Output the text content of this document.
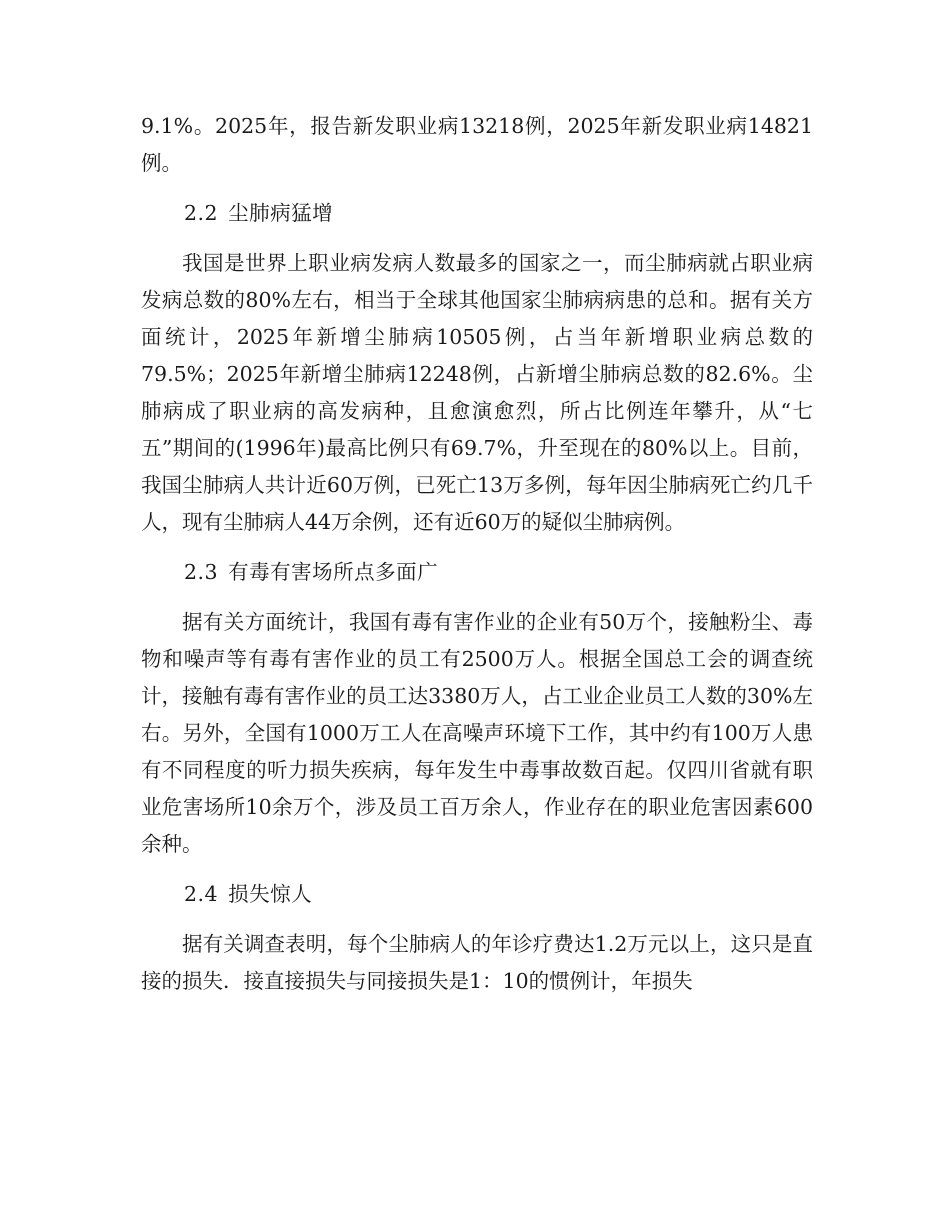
9.1%。2025年，报告新发职业病13218例，2025年新发职业病14821例。

2.2 尘肺病猛增

我国是世界上职业病发病人数最多的国家之一，而尘肺病就占职业病发病总数的80%左右，相当于全球其他国家尘肺病病患的总和。据有关方面统计，2025年新增尘肺病10505例，占当年新增职业病总数的79.5%；2025年新增尘肺病12248例，占新增尘肺病总数的82.6%。尘肺病成了职业病的高发病种，且愈演愈烈，所占比例连年攀升，从“七五”期间的(1996年)最高比例只有69.7%，升至现在的80%以上。目前，我国尘肺病人共计近60万例，已死亡13万多例，每年因尘肺病死亡约几千人，现有尘肺病人44万余例，还有近60万的疑似尘肺病例。

2.3 有毒有害场所点多面广

据有关方面统计，我国有毒有害作业的企业有50万个，接触粉尘、毒物和噪声等有毒有害作业的员工有2500万人。根据全国总工会的调查统计，接触有毒有害作业的员工达3380万人，占工业企业员工人数的30%左右。另外，全国有1000万工人在高噪声环境下工作，其中约有100万人患有不同程度的听力损失疾病，每年发生中毒事故数百起。仅四川省就有职业危害场所10余万个，涉及员工百万余人，作业存在的职业危害因素600余种。

2.4 损失惊人

据有关调查表明，每个尘肺病人的年诊疗费达1.2万元以上，这只是直接的损失．接直接损失与同接损失是1：10的惯例计，年损失
